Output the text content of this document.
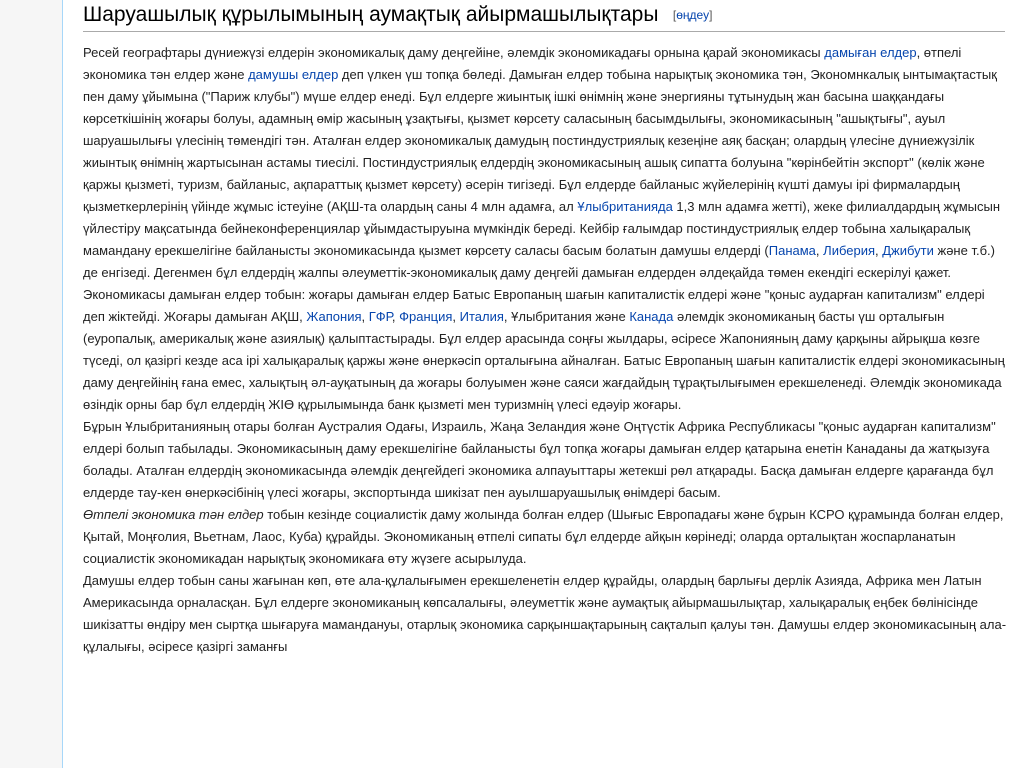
Шаруашылық құрылымының аумақтық айырмашылықтары [өңдеу]

Ресей географтары дүниежүзі елдерін экономикалық даму деңгейіне, әлемдік экономикадағы орнына қарай экономикасы дамыған елдер, өтпелі экономика тән елдер және дамушы елдер деп үлкен үш топқа бөледі. Дамыған елдер тобына нарықтық экономика тән, Экономнкалық ынтымақтастық пен даму ұйымына ("Париж клубы") мүше елдер енеді. Бұл елдерге жиынтық ішкі өнімнің және энергияны тұтынудың жан басына шаққандағы көрсеткішінің жоғары болуы, адамның өмір жасының ұзақтығы, қызмет көрсету саласының басымдылығы, экономикасының "ашықтығы", ауыл шаруашылығы үлесінің төмендігі тән. Аталған елдер экономикалық дамудың постиндустриялық кезеңіне аяқ басқан; олардың үлесіне дүниежүзілік жиынтық өнімнің жартысынан астамы тиесілі. Постиндустриялық елдердің экономикасының ашық сипатта болуына "көрінбейтін экспорт" (көлік және қаржы қызметі, туризм, байланыс, ақпараттық қызмет көрсету) әсерін тигізеді. Бұл елдерде байланыс жүйелерінің күшті дамуы ірі фирмалардың қызметкерлерінің үйінде жұмыс істеуіне (АҚШ-та олардың саны 4 млн адамға, ал Ұлыбританияда 1,3 млн адамға жетті), жеке филиалдардың жұмысын үйлестіру мақсатында бейнеконференциялар ұйымдастыруына мүмкіндік береді. Кейбір ғалымдар постиндустриялық елдер тобына халықаралық мамандану ерекшелігіне байланысты экономикасында қызмет көрсету саласы басым болатын дамушы елдерді (Панама, Либерия, Джибути және т.б.) де енгізеді. Дегенмен бұл елдердің жалпы әлеуметтік-экономикалық даму деңгейі дамыған елдерден әлдеқайда төмен екендігі ескерілуі қажет.

Экономикасы дамыған елдер тобын: жоғары дамыған елдер Батыс Европаның шағын капиталистік елдері және "қоныс аударған капитализм" елдері деп жіктейді. Жоғары дамыған АҚШ, Жапония, ГФР, Франция, Италия, Ұлыбритания және Канада әлемдік экономиканың басты үш орталығын (еуропалық, америкалық және азиялық) қалыптастырады. Бұл елдер арасында соңғы жылдары, әсіресе Жапонияның даму қарқыны айрықша көзге түседі, ол қазіргі кезде аса ірі халықаралық қаржы және өнеркәсіп орталығына айналған. Батыс Европаның шағын капиталистік елдері экономикасының даму деңгейінің ғана емес, халықтың әл-ауқатының да жоғары болуымен және саяси жағдайдың тұрақтылығымен ерекшеленеді. Әлемдік экономикада өзіндік орны бар бұл елдердің ЖІӨ құрылымында банк қызметі мен туризмнің үлесі едәуір жоғары.

Бұрын Ұлыбританияның отары болған Аустралия Одағы, Израиль, Жаңа Зеландия және Оңтүстік Африка Республикасы "қоныс аударған капитализм" елдері болып табылады. Экономикасының даму ерекшелігіне байланысты бұл топқа жоғары дамыған елдер қатарына енетін Канаданы да жатқызуға болады. Аталған елдердің экономикасында әлемдік деңгейдегі экономика алпауыттары жетекші рөл атқарады. Басқа дамыған елдерге қарағанда бұл елдерде тау-кен өнеркәсібінің үлесі жоғары, экспортында шикізат пен ауылшаруашылық өнімдері басым.

Өтпелі экономика тән елдер тобын кезінде социалистік даму жолында болған елдер (Шығыс Европадағы және бұрын КСРО құрамында болған елдер, Қытай, Моңғолия, Вьетнам, Лаос, Куба) құрайды. Экономиканың өтпелі сипаты бұл елдерде айқын көрінеді; оларда орталықтан жоспарланатын социалистік экономикадан нарықтық экономикаға өту жүзеге асырылуда.

Дамушы елдер тобын саны жағынан көп, өте ала-құлалығымен ерекшеленетін елдер құрайды, олардың барлығы дерлік Азияда, Африка мен Латын Америкасында орналасқан. Бұл елдерге экономиканың көпсалалығы, әлеуметтік және аумақтық айырмашылықтар, халықаралық еңбек бөлінісінде шикізатты өндіру мен сыртқа шығаруға мамандануы, отарлық экономика сарқыншақтарының сақталып қалуы тән. Дамушы елдер экономикасының ала-құлалығы, әсіресе қазіргі заманғы
